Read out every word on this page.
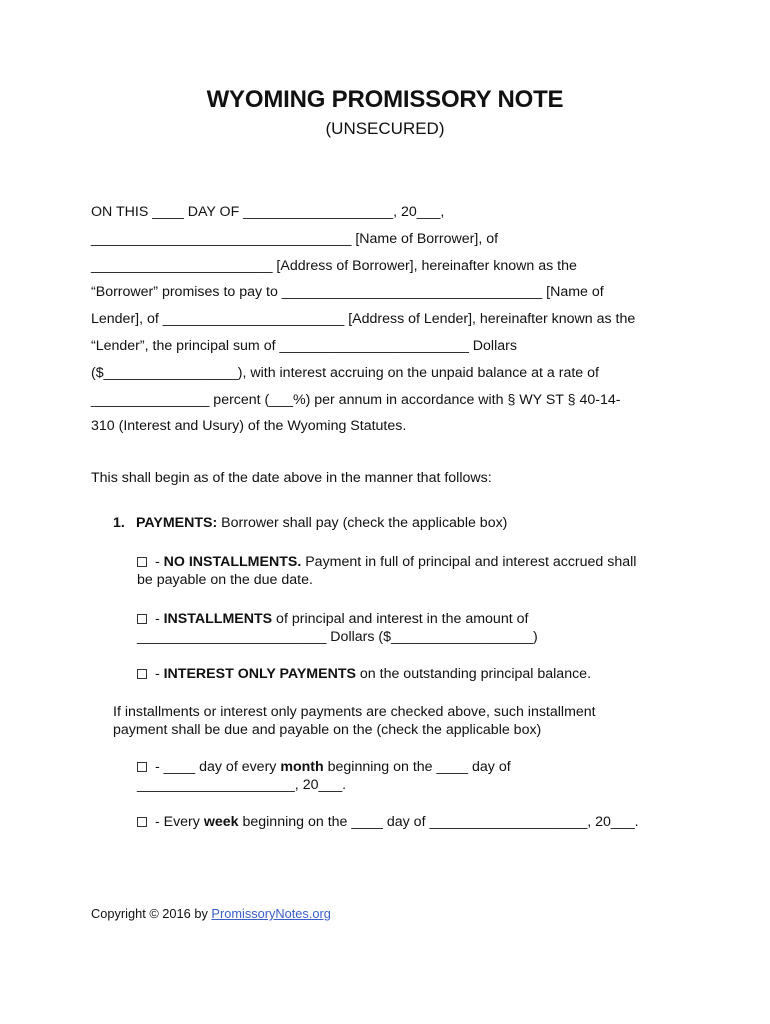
WYOMING PROMISSORY NOTE
(UNSECURED)
ON THIS ____ DAY OF ___________________, 20___,
_________________________________ [Name of Borrower], of
_______________________ [Address of Borrower], hereinafter known as the
“Borrower” promises to pay to _________________________________ [Name of
Lender], of _______________________ [Address of Lender], hereinafter known as the
“Lender”, the principal sum of ________________________ Dollars
($_________________), with interest accruing on the unpaid balance at a rate of
_______________ percent (___%) per annum in accordance with § WY ST § 40-14-
310 (Interest and Usury) of the Wyoming Statutes.
This shall begin as of the date above in the manner that follows:
1. PAYMENTS: Borrower shall pay (check the applicable box)
- NO INSTALLMENTS. Payment in full of principal and interest accrued shall
be payable on the due date.
- INSTALLMENTS of principal and interest in the amount of
________________________ Dollars ($__________________)
- INTEREST ONLY PAYMENTS on the outstanding principal balance.
If installments or interest only payments are checked above, such installment
payment shall be due and payable on the (check the applicable box)
- ____ day of every month beginning on the ____ day of
____________________, 20___.
- Every week beginning on the ____ day of ____________________, 20___.
Copyright © 2016 by PromissoryNotes.org
